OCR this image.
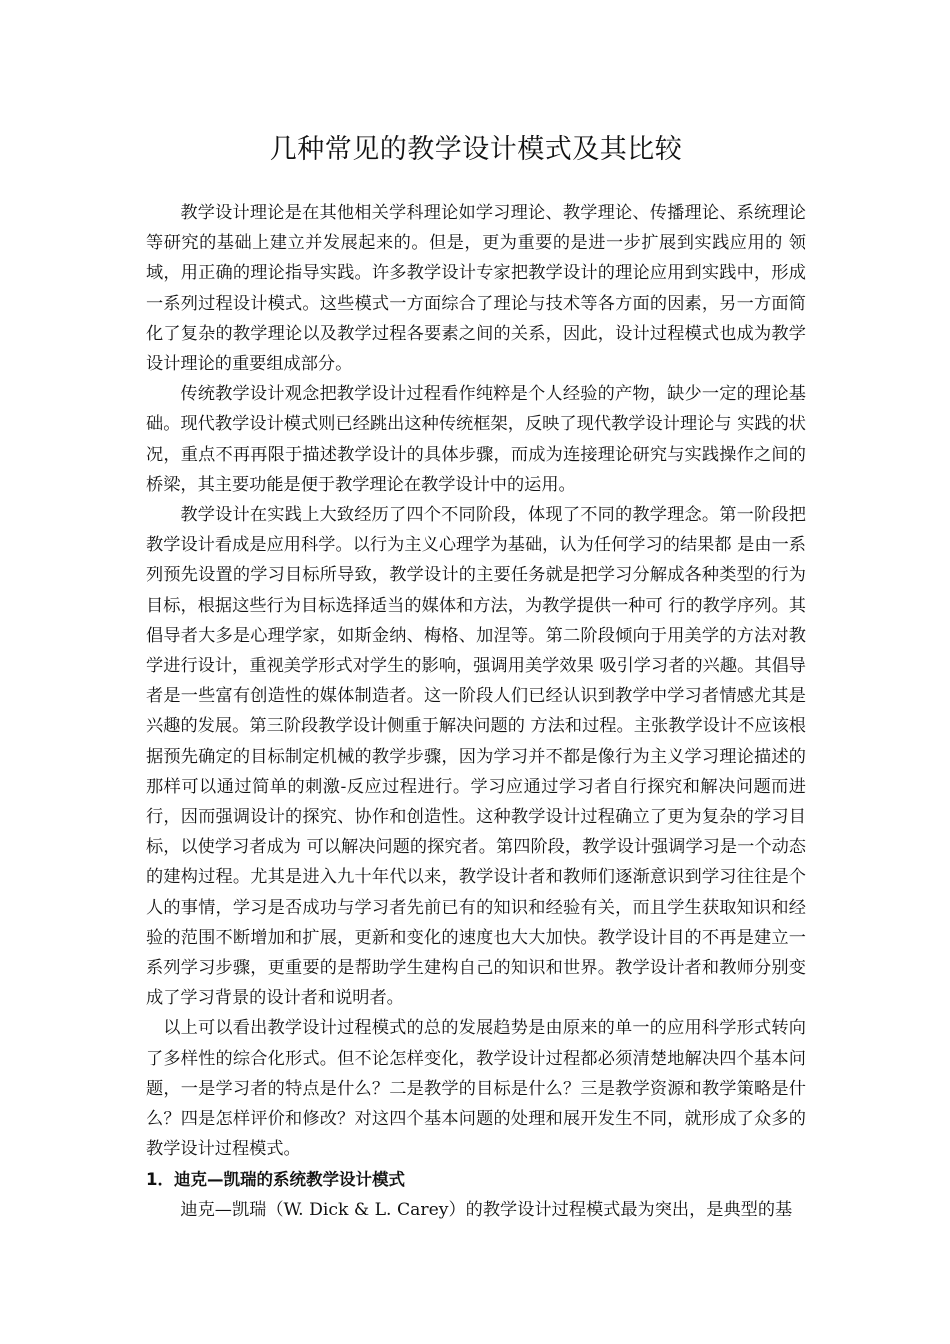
几种常见的教学设计模式及其比较

教学设计理论是在其他相关学科理论如学习理论、教学理论、传播理论、系统理论等研究的基础上建立并发展起来的。但是，更为重要的是进一步扩展到实践应用的 领域，用正确的理论指导实践。许多教学设计专家把教学设计的理论应用到实践中，形成一系列过程设计模式。这些模式一方面综合了理论与技术等各方面的因素，另一方面简化了复杂的教学理论以及教学过程各要素之间的关系，因此，设计过程模式也成为教学设计理论的重要组成部分。

传统教学设计观念把教学设计过程看作纯粹是个人经验的产物，缺少一定的理论基础。现代教学设计模式则已经跳出这种传统框架，反映了现代教学设计理论与 实践的状况，重点不再再限于描述教学设计的具体步骤，而成为连接理论研究与实践操作之间的桥梁，其主要功能是便于教学理论在教学设计中的运用。

教学设计在实践上大致经历了四个不同阶段，体现了不同的教学理念。第一阶段把教学设计看成是应用科学。以行为主义心理学为基础，认为任何学习的结果都 是由一系列预先设置的学习目标所导致，教学设计的主要任务就是把学习分解成各种类型的行为目标，根据这些行为目标选择适当的媒体和方法，为教学提供一种可 行的教学序列。其倡导者大多是心理学家，如斯金纳、梅格、加涅等。第二阶段倾向于用美学的方法对教学进行设计，重视美学形式对学生的影响，强调用美学效果 吸引学习者的兴趣。其倡导者是一些富有创造性的媒体制造者。这一阶段人们已经认识到教学中学习者情感尤其是兴趣的发展。第三阶段教学设计侧重于解决问题的 方法和过程。主张教学设计不应该根据预先确定的目标制定机械的教学步骤，因为学习并不都是像行为主义学习理论描述的那样可以通过简单的刺激-反应过程进行。学习应通过学习者自行探究和解决问题而进行，因而强调设计的探究、协作和创造性。这种教学设计过程确立了更为复杂的学习目标，以使学习者成为 可以解决问题的探究者。第四阶段，教学设计强调学习是一个动态的建构过程。尤其是进入九十年代以来，教学设计者和教师们逐渐意识到学习往往是个人的事情，学习是否成功与学习者先前已有的知识和经验有关，而且学生获取知识和经验的范围不断增加和扩展，更新和变化的速度也大大加快。教学设计目的不再是建立一系列学习步骤，更重要的是帮助学生建构自己的知识和世界。教学设计者和教师分别变成了学习背景的设计者和说明者。

以上可以看出教学设计过程模式的总的发展趋势是由原来的单一的应用科学形式转向了多样性的综合化形式。但不论怎样变化，教学设计过程都必须清楚地解决四个基本问题，一是学习者的特点是什么？二是教学的目标是什么？三是教学资源和教学策略是什么？四是怎样评价和修改？对这四个基本问题的处理和展开发生不同，就形成了众多的教学设计过程模式。

1．迪克—凯瑞的系统教学设计模式

迪克—凯瑞（W. Dick & L. Carey）的教学设计过程模式最为突出，是典型的基
